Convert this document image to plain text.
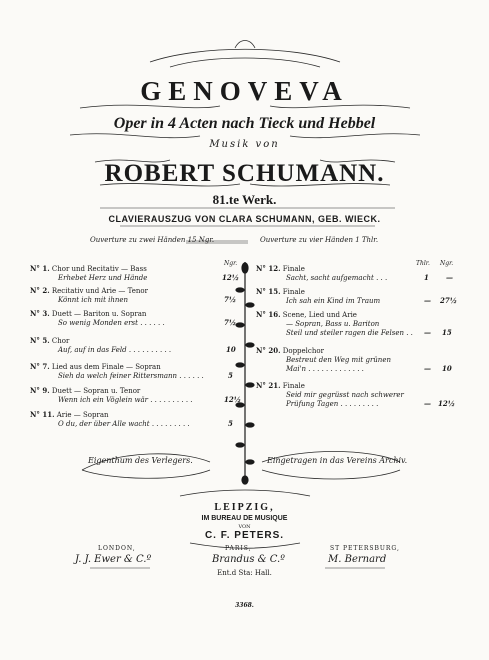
GENOVEVA
Oper in 4 Acten nach Tieck und Hebbel
Musik von
ROBERT SCHUMANN.
81.te Werk.
CLAVIERAUSZUG VON CLARA SCHUMANN, GEB. WIECK.
Ouverture zu zwei Händen 15 Ngr.	Ouverture zu vier Händen 1 Thlr.
Ngr.	Thlr. Ngr.
N° 1. Chor und Recitativ — Bass
Erhebet Herz und Hände	12½
N° 2. Recitativ und Arie — Tenor
Könnt ich mit ihnen	7½
N° 3. Duett — Bariton u. Sopran
So wenig Monden erst . . . . . .	7½
N° 5. Chor
Auf, auf in das Feld . . . . . . . . . .	10
N° 7. Lied aus dem Finale — Sopran
Sieh da welch feiner Rittersmann . . . . . .	5
N° 9. Duett — Sopran u. Tenor
Wenn ich ein Vöglein wär . . . . . . . . . .	12½
N° 11. Arie — Sopran
O du, der über Alle wacht . . . . . . . . .	5
N° 12. Finale
Sacht, sacht aufgemacht . . .	1 —
N° 15. Finale
Ich sah ein Kind im Traum	— 27½
N° 16. Scene, Lied und Arie
— Sopran, Bass u. Bariton
Steil und steiler ragen die Felsen . .	— 15
N° 20. Doppelchor
Bestreut den Weg mit grünen
Mai'n . . . . . . . . . . . . .	— 10
N° 21. Finale
Seid mir gegrüsst nach schwerer
Prüfung Tagen . . . . . . . . .	— 12½
Eigenthum des Verlegers.	Eingetragen in das Vereins Archiv.
LEIPZIG,
IM BUREAU DE MUSIQUE
VON
C. F. PETERS.
LONDON,
J. J. Ewer & C.º
PARIS,
Brandus & C.º
ST PETERSBURG,
M. Bernard
Ent.d Sta: Hall.
3368.
